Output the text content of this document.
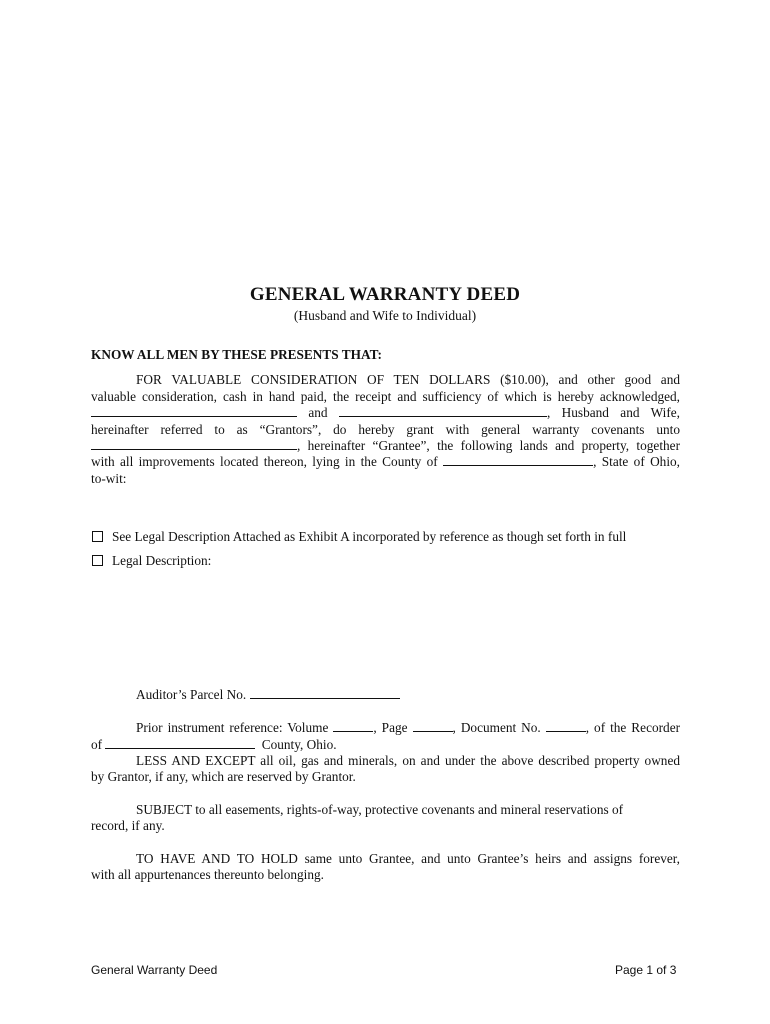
GENERAL WARRANTY DEED
(Husband and Wife to Individual)
KNOW ALL MEN BY THESE PRESENTS THAT:
FOR VALUABLE CONSIDERATION OF TEN DOLLARS ($10.00), and other good and
valuable consideration, cash in hand paid, the receipt and sufficiency of which is hereby acknowledged,
and	, Husband and Wife,
hereinafter referred to as “Grantors”, do hereby grant with general warranty covenants unto
, hereinafter “Grantee”, the following lands and property, together
with all improvements located thereon, lying in the County of	, State of Ohio,
to-wit:
See Legal Description Attached as Exhibit A incorporated by reference as though set forth in full
Legal Description:
Auditor’s Parcel No.
Prior instrument reference: Volume	, Page	, Document No.	, of the Recorder
of	County, Ohio.
LESS AND EXCEPT all oil, gas and minerals, on and under the above described property owned
by Grantor, if any, which are reserved by Grantor.
SUBJECT to all easements, rights-of-way, protective covenants and mineral reservations of
record, if any.
TO HAVE AND TO HOLD same unto Grantee, and unto Grantee’s heirs and assigns forever,
with all appurtenances thereunto belonging.
General Warranty Deed	Page 1 of 3
